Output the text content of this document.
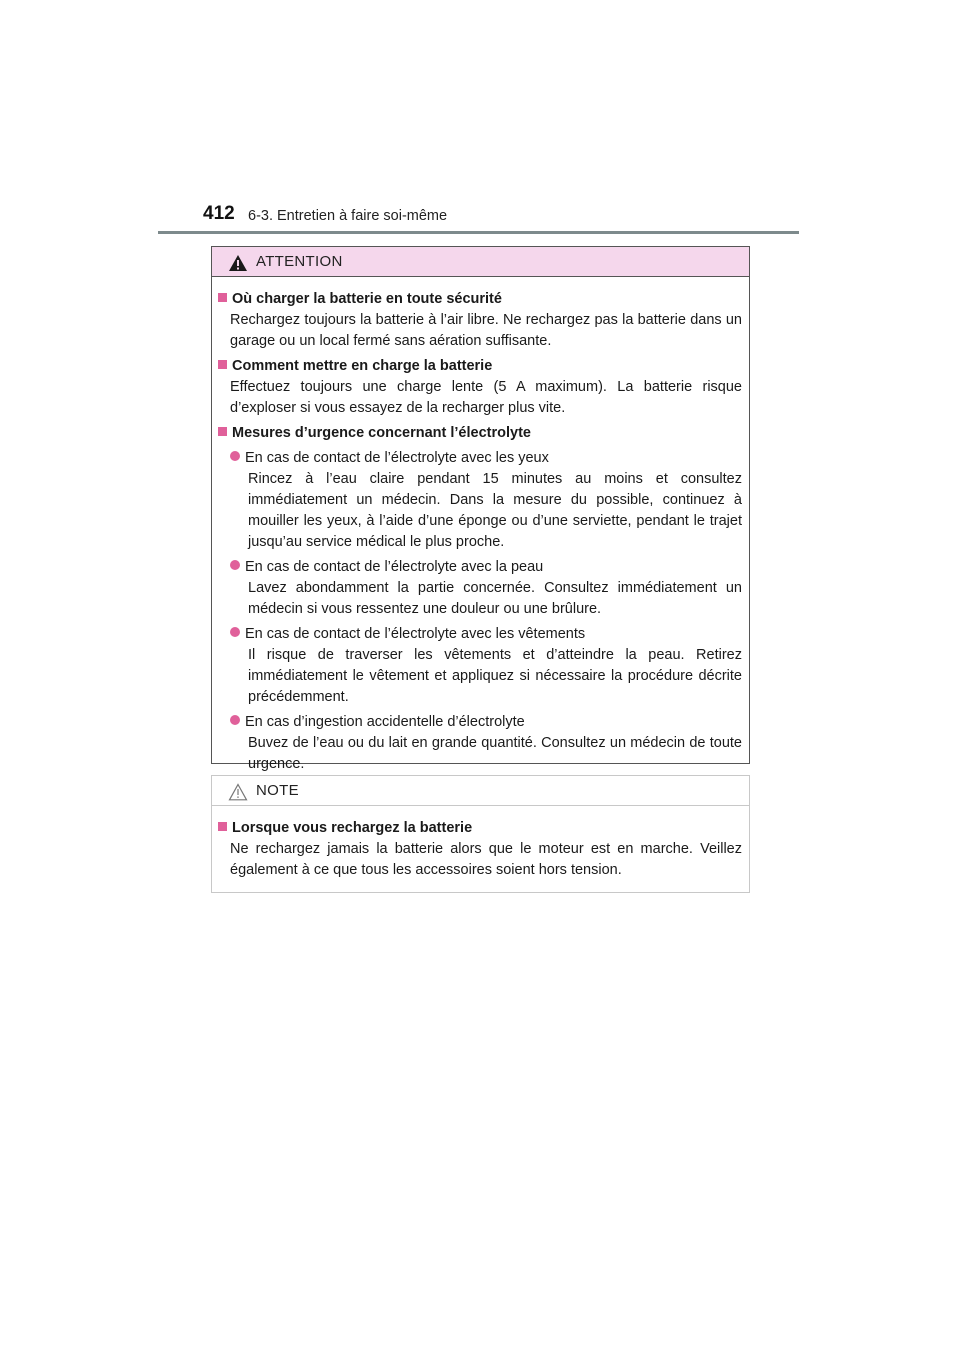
412 6-3. Entretien à faire soi-même
ATTENTION
Où charger la batterie en toute sécurité
Rechargez toujours la batterie à l’air libre. Ne rechargez pas la batterie dans un garage ou un local fermé sans aération suffisante.
Comment mettre en charge la batterie
Effectuez toujours une charge lente (5 A maximum). La batterie risque d’exploser si vous essayez de la recharger plus vite.
Mesures d’urgence concernant l’électrolyte
En cas de contact de l’électrolyte avec les yeux
Rincez à l’eau claire pendant 15 minutes au moins et consultez immédiatement un médecin. Dans la mesure du possible, continuez à mouiller les yeux, à l’aide d’une éponge ou d’une serviette, pendant le trajet jusqu’au service médical le plus proche.
En cas de contact de l’électrolyte avec la peau
Lavez abondamment la partie concernée. Consultez immédiatement un médecin si vous ressentez une douleur ou une brûlure.
En cas de contact de l’électrolyte avec les vêtements
Il risque de traverser les vêtements et d’atteindre la peau. Retirez immédiatement le vêtement et appliquez si nécessaire la procédure décrite précédemment.
En cas d’ingestion accidentelle d’électrolyte
Buvez de l’eau ou du lait en grande quantité. Consultez un médecin de toute urgence.
NOTE
Lorsque vous rechargez la batterie
Ne rechargez jamais la batterie alors que le moteur est en marche. Veillez également à ce que tous les accessoires soient hors tension.
